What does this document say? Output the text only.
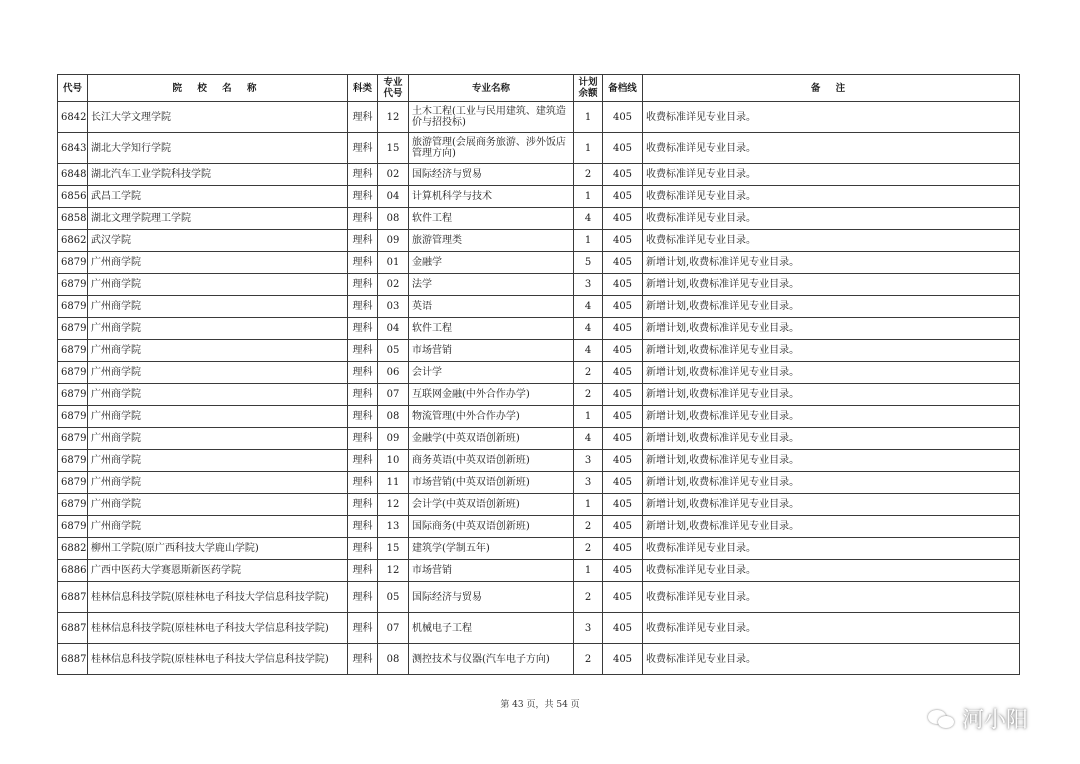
代号	院 校 名 称	科类	专业代号	专业名称	计划余额	备档线	备 注
6842	长江大学文理学院	理科	12	土木工程(工业与民用建筑、建筑造价与招投标)	1	405	收费标准详见专业目录。
6843	湖北大学知行学院	理科	15	旅游管理(会展商务旅游、涉外饭店管理方向)	1	405	收费标准详见专业目录。
6848	湖北汽车工业学院科技学院	理科	02	国际经济与贸易	2	405	收费标准详见专业目录。
6856	武昌工学院	理科	04	计算机科学与技术	1	405	收费标准详见专业目录。
6858	湖北文理学院理工学院	理科	08	软件工程	4	405	收费标准详见专业目录。
6862	武汉学院	理科	09	旅游管理类	1	405	收费标准详见专业目录。
6879	广州商学院	理科	01	金融学	5	405	新增计划,收费标准详见专业目录。
6879	广州商学院	理科	02	法学	3	405	新增计划,收费标准详见专业目录。
6879	广州商学院	理科	03	英语	4	405	新增计划,收费标准详见专业目录。
6879	广州商学院	理科	04	软件工程	4	405	新增计划,收费标准详见专业目录。
6879	广州商学院	理科	05	市场营销	4	405	新增计划,收费标准详见专业目录。
6879	广州商学院	理科	06	会计学	2	405	新增计划,收费标准详见专业目录。
6879	广州商学院	理科	07	互联网金融(中外合作办学)	2	405	新增计划,收费标准详见专业目录。
6879	广州商学院	理科	08	物流管理(中外合作办学)	1	405	新增计划,收费标准详见专业目录。
6879	广州商学院	理科	09	金融学(中英双语创新班)	4	405	新增计划,收费标准详见专业目录。
6879	广州商学院	理科	10	商务英语(中英双语创新班)	3	405	新增计划,收费标准详见专业目录。
6879	广州商学院	理科	11	市场营销(中英双语创新班)	3	405	新增计划,收费标准详见专业目录。
6879	广州商学院	理科	12	会计学(中英双语创新班)	1	405	新增计划,收费标准详见专业目录。
6879	广州商学院	理科	13	国际商务(中英双语创新班)	2	405	新增计划,收费标准详见专业目录。
6882	柳州工学院(原广西科技大学鹿山学院)	理科	15	建筑学(学制五年)	2	405	收费标准详见专业目录。
6886	广西中医药大学赛恩斯新医药学院	理科	12	市场营销	1	405	收费标准详见专业目录。
6887	桂林信息科技学院(原桂林电子科技大学信息科技学院)	理科	05	国际经济与贸易	2	405	收费标准详见专业目录。
6887	桂林信息科技学院(原桂林电子科技大学信息科技学院)	理科	07	机械电子工程	3	405	收费标准详见专业目录。
6887	桂林信息科技学院(原桂林电子科技大学信息科技学院)	理科	08	测控技术与仪器(汽车电子方向)	2	405	收费标准详见专业目录。
第 43 页，共 54 页
河小阳
